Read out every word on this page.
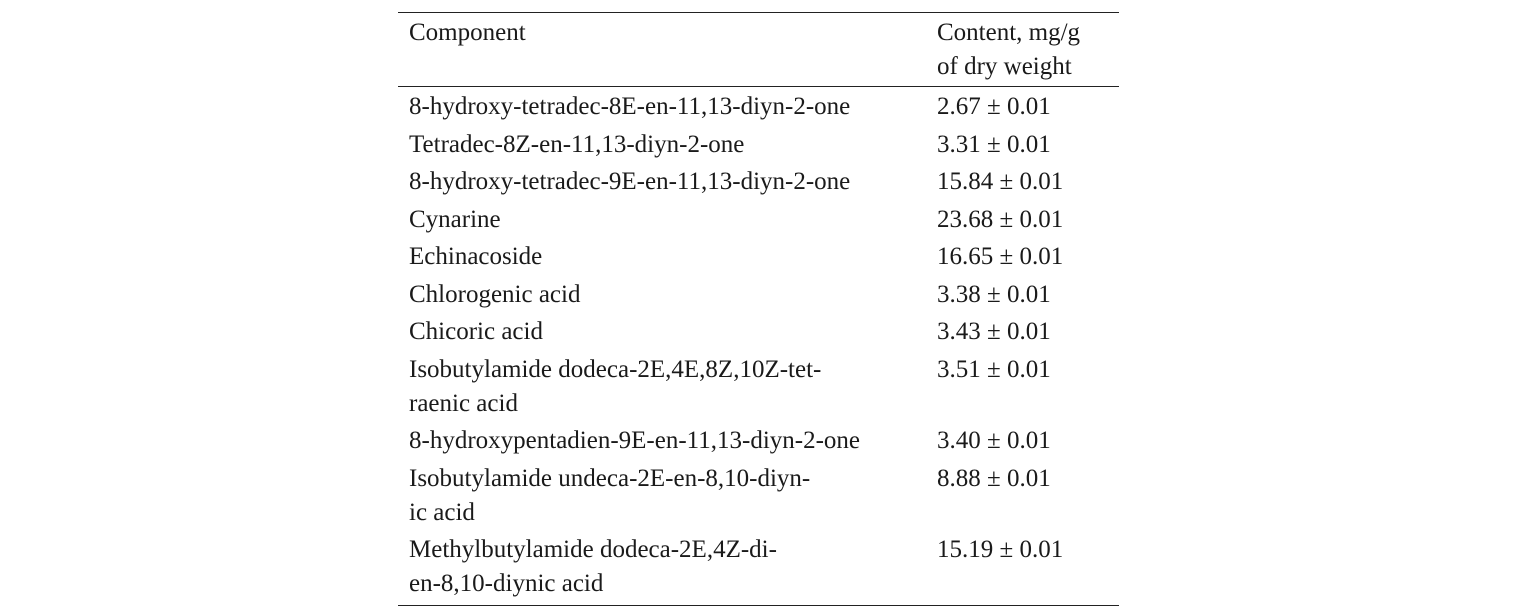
Component	Content, mg/g
of dry weight

8-hydroxy-tetradec-8E-en-11,13-diyn-2-one	2.67 ± 0.01

Tetradec-8Z-en-11,13-diyn-2-one	3.31 ± 0.01

8-hydroxy-tetradec-9E-en-11,13-diyn-2-one	15.84 ± 0.01

Cynarine	23.68 ± 0.01

Echinacoside	16.65 ± 0.01

Chlorogenic acid	3.38 ± 0.01

Chicoric acid	3.43 ± 0.01

Isobutylamide dodeca-2E,4E,8Z,10Z-tet-
raenic acid	3.51 ± 0.01

8-hydroxypentadien-9E-en-11,13-diyn-2-one	3.40 ± 0.01

Isobutylamide undeca-2E-en-8,10-diyn-
ic acid	8.88 ± 0.01

Methylbutylamide dodeca-2E,4Z-di-
en-8,10-diynic acid	15.19 ± 0.01
